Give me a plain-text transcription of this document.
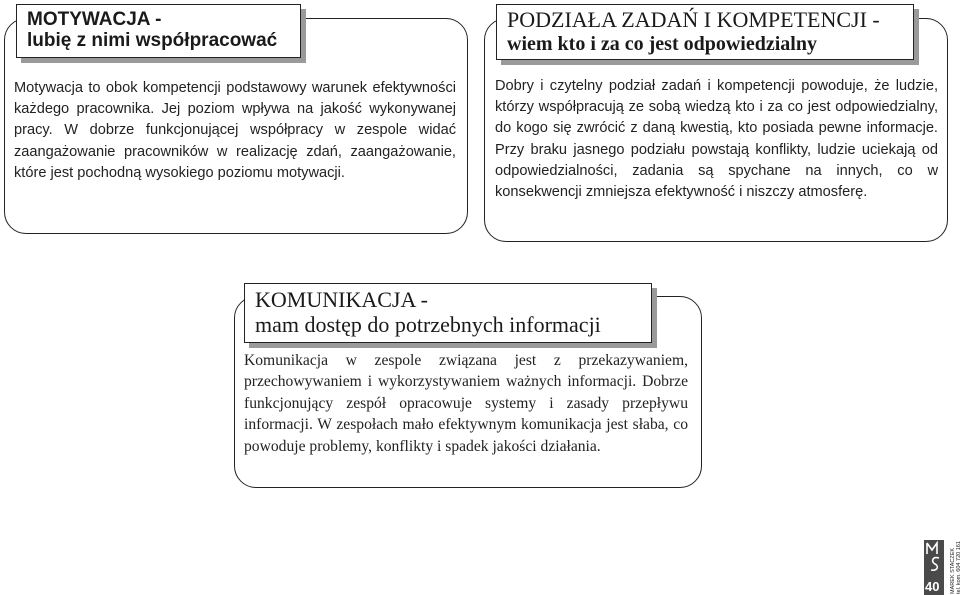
MOTYWACJA -
lubię z nimi współpracować
Motywacja to obok kompetencji podstawowy warunek efektywności każdego pracownika. Jej poziom wpływa na jakość wykonywanej pracy. W dobrze funkcjonującej współpracy w zespole widać zaangażowanie pracowników w realizację zdań, zaangażowanie, które jest pochodną wysokiego poziomu motywacji.
PODZIAŁA ZADAŃ I KOMPETENCJI -
wiem kto i za co jest odpowiedzialny
Dobry i czytelny podział zadań i kompetencji powoduje, że ludzie, którzy współpracują ze sobą wiedzą kto i za co jest odpowiedzialny, do kogo się zwrócić z daną kwestią, kto posiada pewne informacje. Przy braku jasnego podziału powstają konflikty, ludzie uciekają od odpowiedzialności, zadania są spychane na innych, co w konsekwencji zmniejsza efektywność i niszczy atmosferę.
KOMUNIKACJA -
mam dostęp do potrzebnych informacji
Komunikacja w zespole związana jest z przekazywaniem, przechowywaniem i wykorzystywaniem ważnych informacji. Dobrze funkcjonujący zespół opracowuje systemy i zasady przepływu informacji. W zespołach mało efektywnym komunikacja jest słaba, co powoduje problemy, konflikty i spadek jakości działania.
40 MAREK STACZEK tel. kom. 604 720 161
